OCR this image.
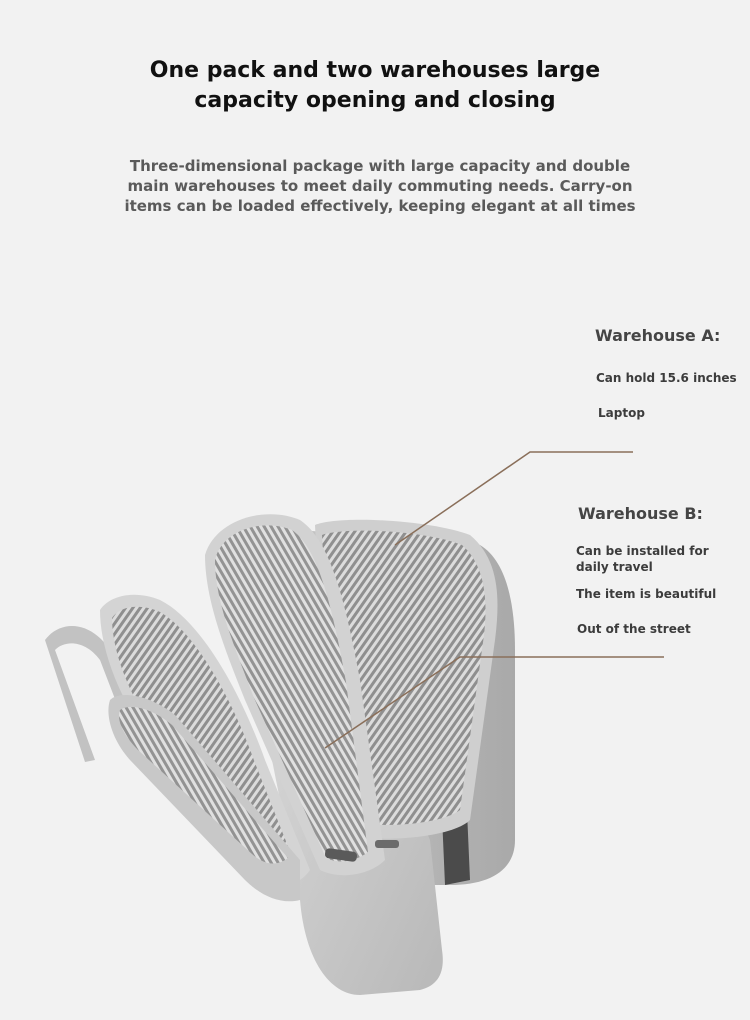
One pack and two warehouses large
capacity opening and closing
Three-dimensional package with large capacity and double
main warehouses to meet daily commuting needs. Carry-on
items can be loaded effectively, keeping elegant at all times
Warehouse A:
Can hold 15.6 inches
Laptop
Warehouse B:
Can be installed for
daily travel
The item is beautiful
Out of the street
